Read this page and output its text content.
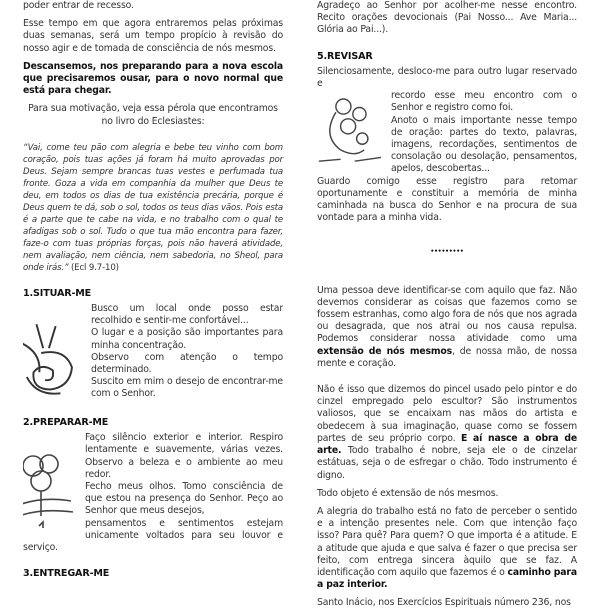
poder entrar de recesso.

Esse tempo em que agora entraremos pelas próximas duas semanas, será um tempo propício à revisão do nosso agir e de tomada de consciência de nós mesmos.

Descansemos, nos preparando para a nova escola que precisaremos ousar, para o novo normal que está para chegar.

Para sua motivação, veja essa pérola que encontramos no livro do Eclesiastes:

“Vai, come teu pão com alegria e bebe teu vinho com bom coração, pois tuas ações já foram há muito aprovadas por Deus. Sejam sempre brancas tuas vestes e perfumada tua fronte. Goza a vida em companhia da mulher que Deus te deu, em todos os dias de tua existência precária, porque é Deus quem te dá, sob o sol, todos os teus dias vãos. Pois esta é a parte que te cabe na vida, e no trabalho com o qual te afadigas sob o sol. Tudo o que tua mão encontra para fazer, faze-o com tuas próprias forças, pois não haverá atividade, nem avaliação, nem ciência, nem sabedoria, no Sheol, para onde irás.” (Ecl 9.7-10)

1.SITUAR-ME
Busco um local onde posso estar recolhido e sentir-me confortável...
O lugar e a posição são importantes para minha concentração.
Observo com atenção o tempo determinado.
Suscito em mim o desejo de encontrar-me com o Senhor.
2.PREPARAR-ME
Faço silêncio exterior e interior. Respiro lentamente e suavemente, várias vezes. Observo a beleza e o ambiente ao meu redor.
Fecho meus olhos. Tomo consciência de que estou na presença do Senhor. Peço ao Senhor que meus desejos,
pensamentos e sentimentos estejam unicamente voltados para seu louvor e serviço.
3.ENTREGAR-ME

Agradeço ao Senhor por acolher-me nesse encontro. Recito orações devocionais (Pai Nosso... Ave Maria... Glória ao Pai...).

5.REVISAR

Silenciosamente, desloco-me para outro lugar reservado e

recordo esse meu encontro com o Senhor e registro como foi.
Anoto o mais importante nesse tempo de oração: partes do texto, palavras, imagens, recordações, sentimentos de consolação ou desolação, pensamentos, apelos, descobertas...

Guardo comigo esse registro para retomar oportunamente e constituir a memória de minha caminhada na busca do Senhor e na procura de sua vontade para a minha vida.

•••••••••

Uma pessoa deve identificar-se com aquilo que faz. Não devemos considerar as coisas que fazemos como se fossem estranhas, como algo fora de nós que nos agrada ou desagrada, que nos atrai ou nos causa repulsa. Podemos considerar nossa atividade como uma extensão de nós mesmos, de nossa mão, de nossa mente e coração.

Não é isso que dizemos do pincel usado pelo pintor e do cinzel empregado pelo escultor? São instrumentos valiosos, que se encaixam nas mãos do artista e obedecem à sua imaginação, quase como se fossem partes de seu próprio corpo. E aí nasce a obra de arte. Todo trabalho é nobre, seja ele o de cinzelar estátuas, seja o de esfregar o chão. Todo instrumento é digno.

Todo objeto é extensão de nós mesmos.

A alegria do trabalho está no fato de perceber o sentido e a intenção presentes nele. Com que intenção faço isso? Para quê? Para quem? O que importa é a atitude. E a atitude que ajuda e que salva é fazer o que precisa ser feito, com entrega sincera àquilo que se faz. A identificação com aquilo que fazemos é o caminho para a paz interior.

Santo Inácio, nos Exercícios Espirituais número 236, nos
